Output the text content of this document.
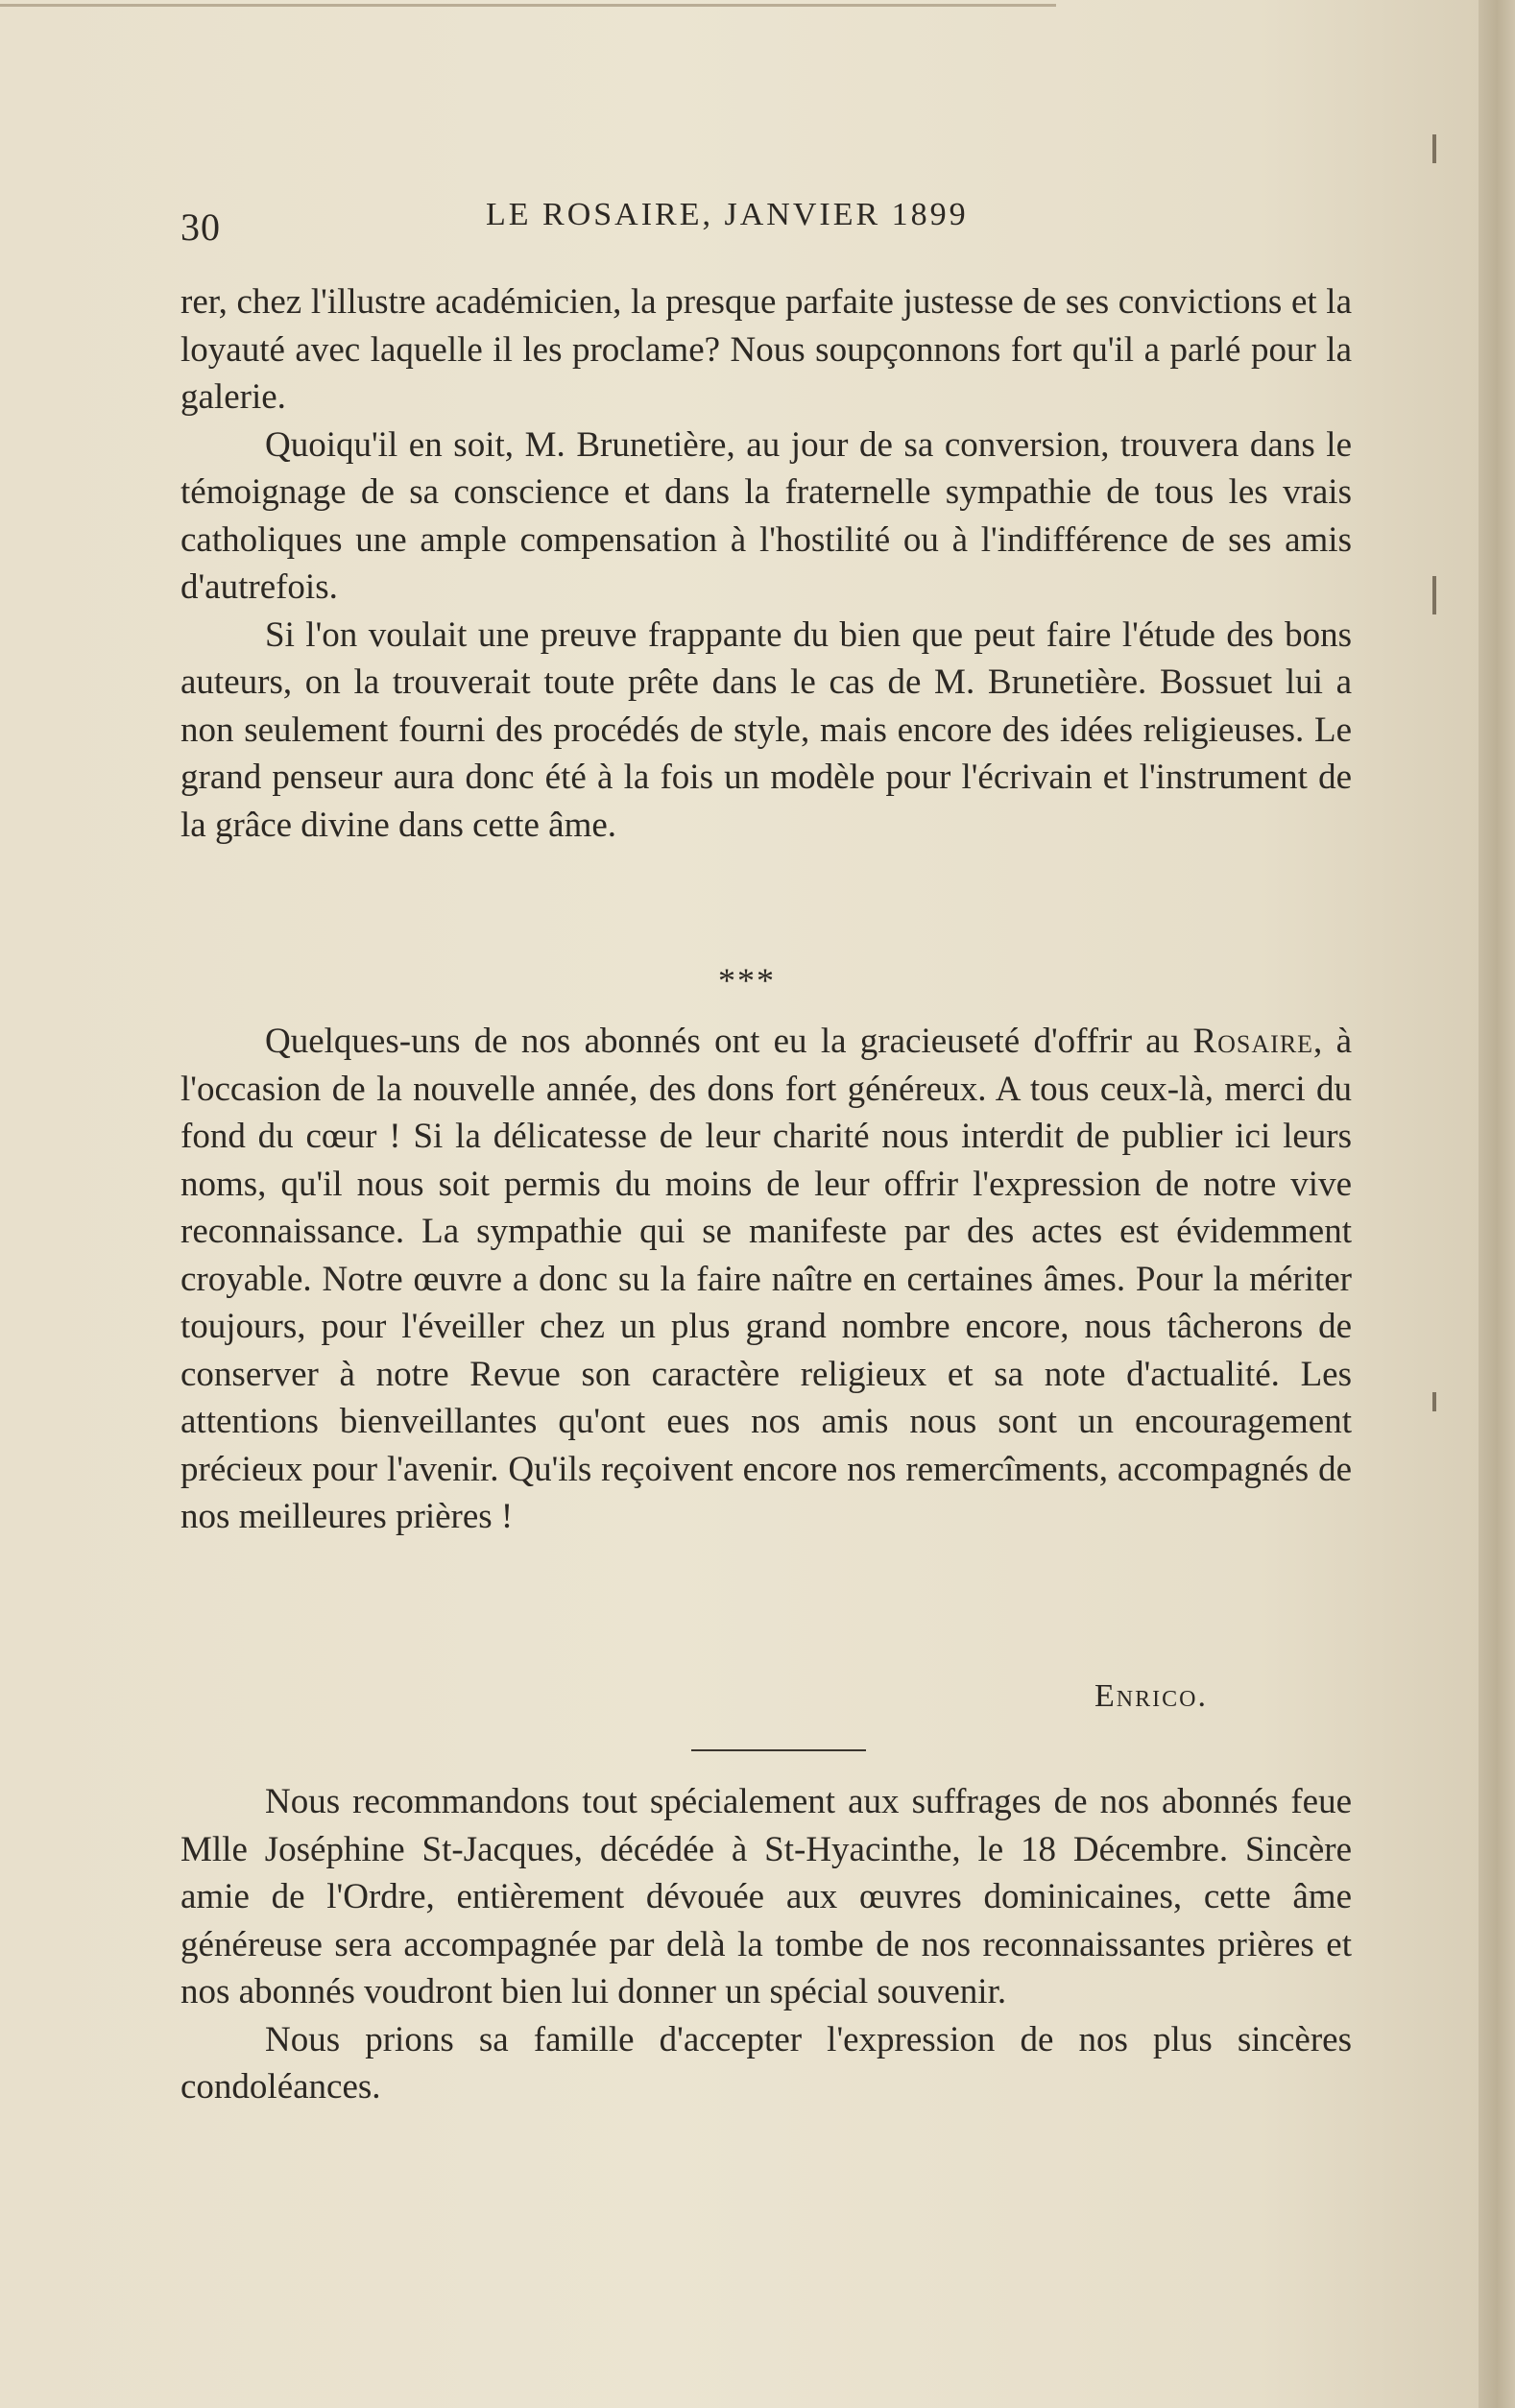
30	LE ROSAIRE, JANVIER 1899

rer, chez l'illustre académicien, la presque parfaite justesse de ses convictions et la loyauté avec laquelle il les proclame? Nous soupçonnons fort qu'il a parlé pour la galerie.

Quoiqu'il en soit, M. Brunetière, au jour de sa conversion, trouvera dans le témoignage de sa conscience et dans la fraternelle sympathie de tous les vrais catholiques une ample compensation à l'hostilité ou à l'indifférence de ses amis d'autrefois.

Si l'on voulait une preuve frappante du bien que peut faire l'étude des bons auteurs, on la trouverait toute prête dans le cas de M. Brunetière. Bossuet lui a non seulement fourni des procédés de style, mais encore des idées religieuses. Le grand penseur aura donc été à la fois un modèle pour l'écrivain et l'instrument de la grâce divine dans cette âme.

***

Quelques-uns de nos abonnés ont eu la gracieuseté d'offrir au Rosaire, à l'occasion de la nouvelle année, des dons fort généreux. A tous ceux-là, merci du fond du cœur ! Si la délicatesse de leur charité nous interdit de publier ici leurs noms, qu'il nous soit permis du moins de leur offrir l'expression de notre vive reconnaissance. La sympathie qui se manifeste par des actes est évidemment croyable. Notre œuvre a donc su la faire naître en certaines âmes. Pour la mériter toujours, pour l'éveiller chez un plus grand nombre encore, nous tâcherons de conserver à notre Revue son caractère religieux et sa note d'actualité. Les attentions bienveillantes qu'ont eues nos amis nous sont un encouragement précieux pour l'avenir. Qu'ils reçoivent encore nos remercîments, accompagnés de nos meilleures prières !

Enrico.

Nous recommandons tout spécialement aux suffrages de nos abonnés feue Mlle Joséphine St-Jacques, décédée à St-Hyacinthe, le 18 Décembre. Sincère amie de l'Ordre, entièrement dévouée aux œuvres dominicaines, cette âme généreuse sera accompagnée par delà la tombe de nos reconnaissantes prières et nos abonnés voudront bien lui donner un spécial souvenir.

Nous prions sa famille d'accepter l'expression de nos plus sincères condoléances.
